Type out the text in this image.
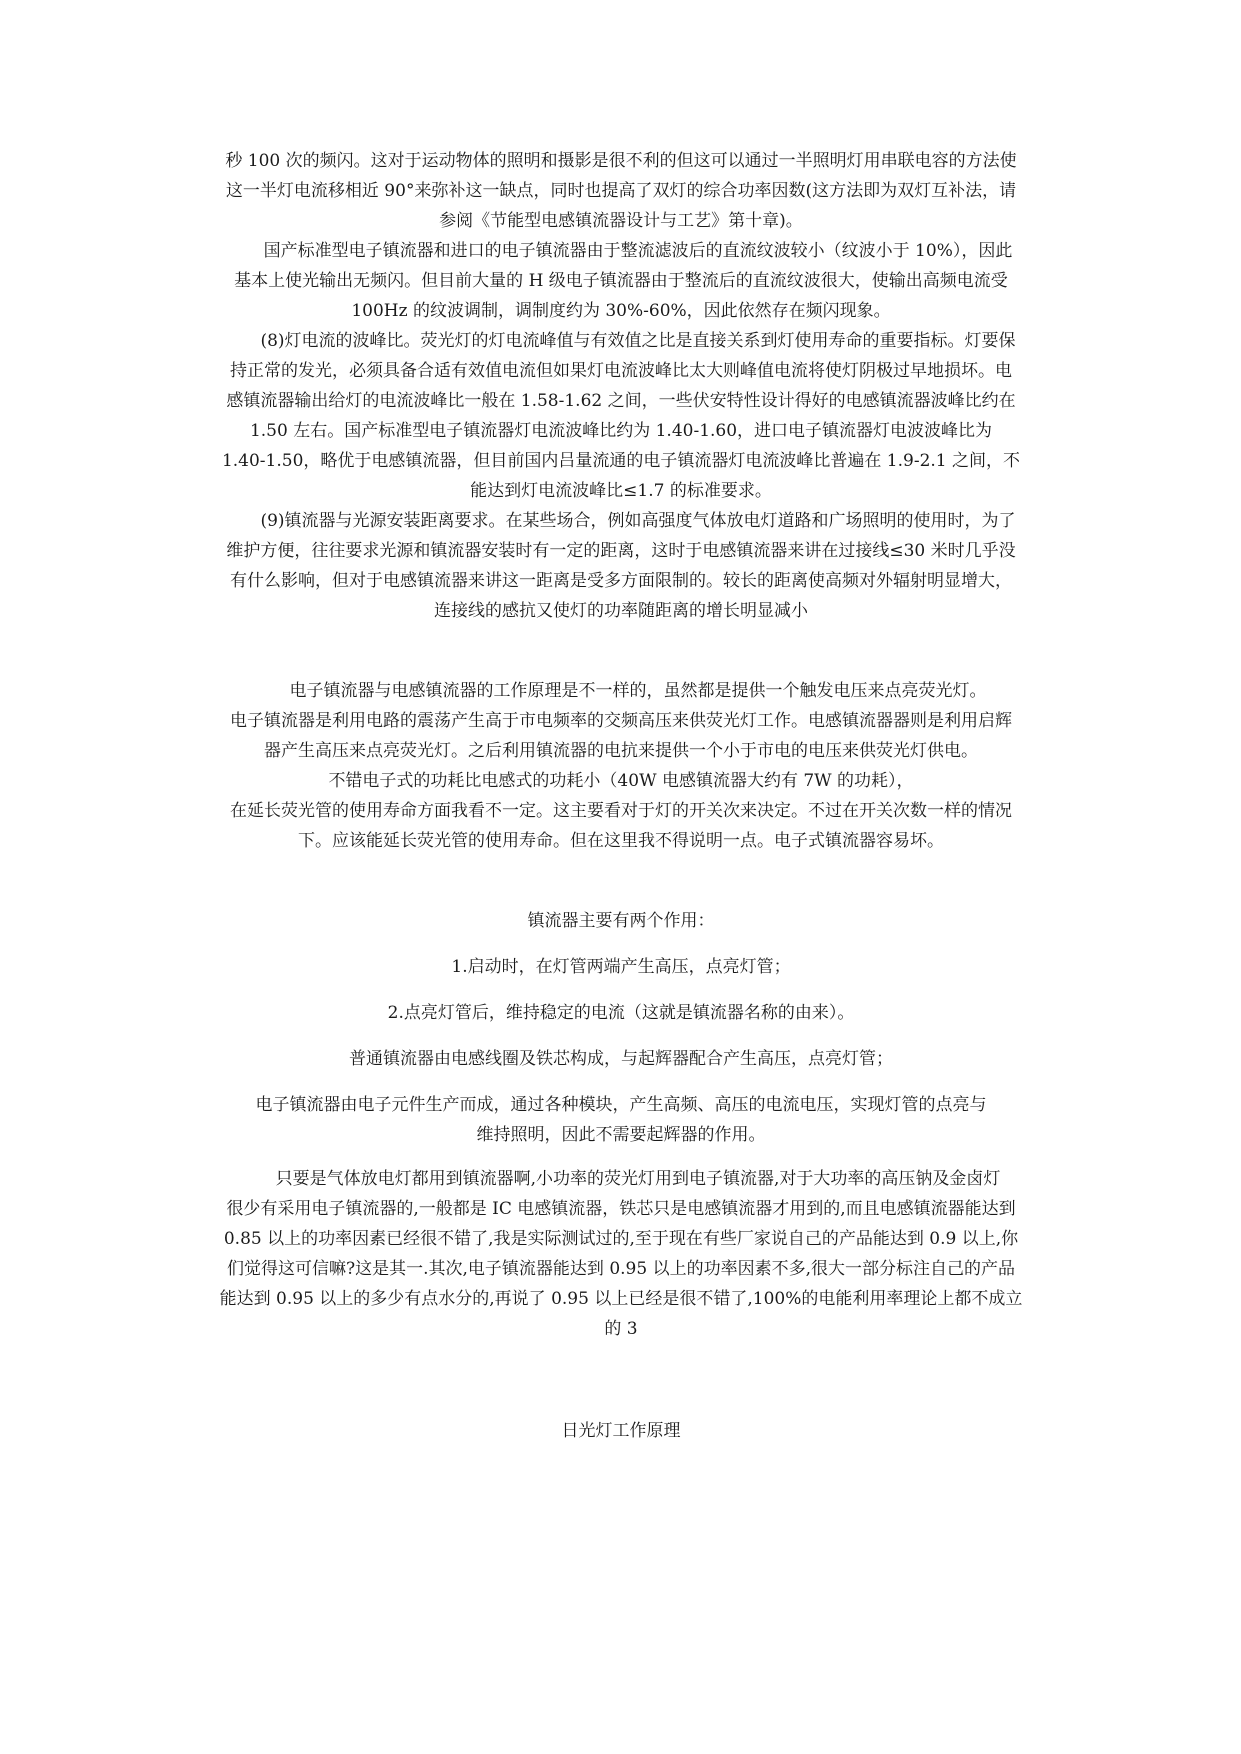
秒 100 次的频闪。这对于运动物体的照明和摄影是很不利的但这可以通过一半照明灯用串联电容的方法使
这一半灯电流移相近 90°来弥补这一缺点，同时也提高了双灯的综合功率因数(这方法即为双灯互补法，请
参阅《节能型电感镇流器设计与工艺》第十章)。

国产标准型电子镇流器和进口的电子镇流器由于整流滤波后的直流纹波较小（纹波小于 10%），因此
基本上使光输出无频闪。但目前大量的 H 级电子镇流器由于整流后的直流纹波很大，使输出高频电流受
100Hz 的纹波调制，调制度约为 30%-60%，因此依然存在频闪现象。

(8)灯电流的波峰比。荧光灯的灯电流峰值与有效值之比是直接关系到灯使用寿命的重要指标。灯要保
持正常的发光，必须具备合适有效值电流但如果灯电流波峰比太大则峰值电流将使灯阴极过早地损坏。电
感镇流器输出给灯的电流波峰比一般在 1.58-1.62 之间，一些伏安特性设计得好的电感镇流器波峰比约在
1.50 左右。国产标准型电子镇流器灯电流波峰比约为 1.40-1.60，进口电子镇流器灯电波波峰比为
1.40-1.50，略优于电感镇流器，但目前国内吕量流通的电子镇流器灯电流波峰比普遍在 1.9-2.1 之间，不
能达到灯电流波峰比≤1.7 的标准要求。

(9)镇流器与光源安装距离要求。在某些场合，例如高强度气体放电灯道路和广场照明的使用时，为了
维护方便，往往要求光源和镇流器安装时有一定的距离，这时于电感镇流器来讲在过接线≤30 米时几乎没
有什么影响，但对于电感镇流器来讲这一距离是受多方面限制的。较长的距离使高频对外辐射明显增大，
连接线的感抗又使灯的功率随距离的增长明显减小

电子镇流器与电感镇流器的工作原理是不一样的，虽然都是提供一个触发电压来点亮荧光灯。
电子镇流器是利用电路的震荡产生高于市电频率的交频高压来供荧光灯工作。电感镇流器器则是利用启辉
器产生高压来点亮荧光灯。之后利用镇流器的电抗来提供一个小于市电的电压来供荧光灯供电。
不错电子式的功耗比电感式的功耗小（40W 电感镇流器大约有 7W 的功耗），
在延长荧光管的使用寿命方面我看不一定。这主要看对于灯的开关次来决定。不过在开关次数一样的情况
下。应该能延长荧光管的使用寿命。但在这里我不得说明一点。电子式镇流器容易坏。

镇流器主要有两个作用：

1.启动时，在灯管两端产生高压，点亮灯管；

2.点亮灯管后，维持稳定的电流（这就是镇流器名称的由来）。

普通镇流器由电感线圈及铁芯构成，与起辉器配合产生高压，点亮灯管；

电子镇流器由电子元件生产而成，通过各种模块，产生高频、高压的电流电压，实现灯管的点亮与
维持照明，因此不需要起辉器的作用。

只要是气体放电灯都用到镇流器啊,小功率的荧光灯用到电子镇流器,对于大功率的高压钠及金卤灯
很少有采用电子镇流器的,一般都是 IC 电感镇流器，铁芯只是电感镇流器才用到的,而且电感镇流器能达到
0.85 以上的功率因素已经很不错了,我是实际测试过的,至于现在有些厂家说自己的产品能达到 0.9 以上,你
们觉得这可信嘛?这是其一.其次,电子镇流器能达到 0.95 以上的功率因素不多,很大一部分标注自己的产品
能达到 0.95 以上的多少有点水分的,再说了 0.95 以上已经是很不错了,100%的电能利用率理论上都不成立
的 3

日光灯工作原理
